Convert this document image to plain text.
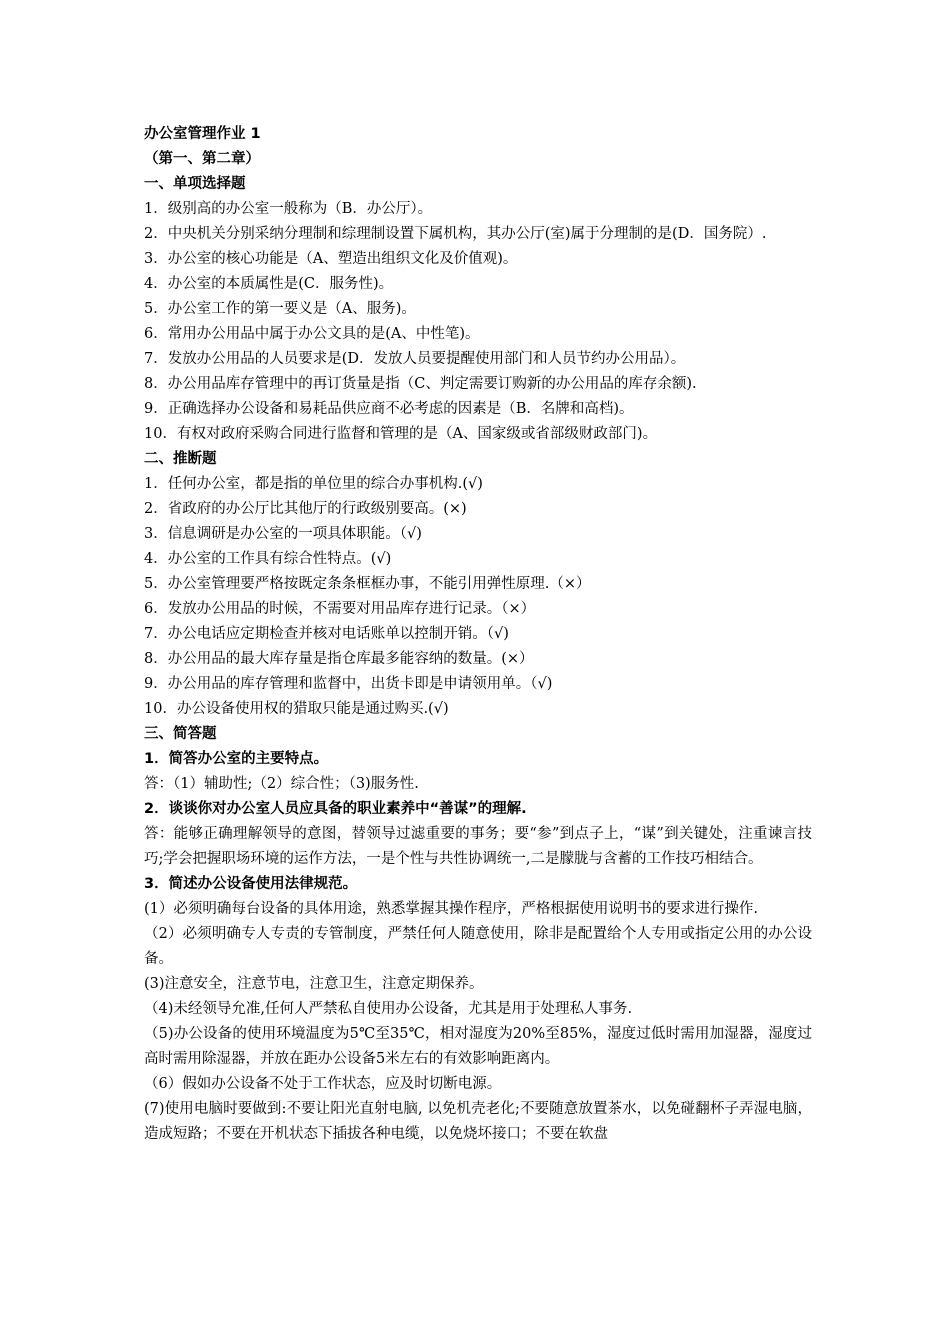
办公室管理作业 1

（第一、第二章）

一、单项选择题

1．级别高的办公室一般称为（B．办公厅）。

2．中央机关分别采纳分理制和综理制设置下属机构，其办公厅(室)属于分理制的是(D．国务院）.

3．办公室的核心功能是（A、塑造出组织文化及价值观)。

4．办公室的本质属性是(C．服务性)。

5．办公室工作的第一要义是（A、服务)。

6．常用办公用品中属于办公文具的是(A、中性笔)。

7．发放办公用品的人员要求是(D．发放人员要提醒使用部门和人员节约办公用品）。

8．办公用品库存管理中的再订货量是指（C、判定需要订购新的办公用品的库存余额).

9．正确选择办公设备和易耗品供应商不必考虑的因素是（B．名牌和高档)。

10．有权对政府采购合同进行监督和管理的是（A、国家级或省部级财政部门)。

二、推断题

1．任何办公室，都是指的单位里的综合办事机构.(√)

2．省政府的办公厅比其他厅的行政级别要高。(×)

3．信息调研是办公室的一项具体职能。（√)

4．办公室的工作具有综合性特点。(√)

5．办公室管理要严格按既定条条框框办事，不能引用弹性原理.（×）

6．发放办公用品的时候，不需要对用品库存进行记录。（×）

7．办公电话应定期检查并核对电话账单以控制开销。（√)

8．办公用品的最大库存量是指仓库最多能容纳的数量。(×）

9．办公用品的库存管理和监督中，出货卡即是申请领用单。（√)

10．办公设备使用权的猎取只能是通过购买.(√)

三、简答题

1．简答办公室的主要特点。

答：（1）辅助性;（2）综合性；（3)服务性.

2．谈谈你对办公室人员应具备的职业素养中“善谋”的理解.

答：能够正确理解领导的意图，替领导过滤重要的事务；要“参”到点子上，“谋”到关键处，注重谏言技巧;学会把握职场环境的运作方法，一是个性与共性协调统一,二是朦胧与含蓄的工作技巧相结合。

3．简述办公设备使用法律规范。

(1）必须明确每台设备的具体用途，熟悉掌握其操作程序，严格根据使用说明书的要求进行操作.

（2）必须明确专人专责的专管制度，严禁任何人随意使用，除非是配置给个人专用或指定公用的办公设备。

(3)注意安全，注意节电，注意卫生，注意定期保养。

（4)未经领导允准,任何人严禁私自使用办公设备，尤其是用于处理私人事务.

（5)办公设备的使用环境温度为5℃至35℃，相对湿度为20%至85%，湿度过低时需用加湿器，湿度过高时需用除湿器，并放在距办公设备5米左右的有效影响距离内。

（6）假如办公设备不处于工作状态，应及时切断电源。

(7)使用电脑时要做到:不要让阳光直射电脑, 以免机壳老化;不要随意放置茶水，以免碰翻杯子弄湿电脑，造成短路；不要在开机状态下插拔各种电缆，以免烧坏接口；不要在软盘
